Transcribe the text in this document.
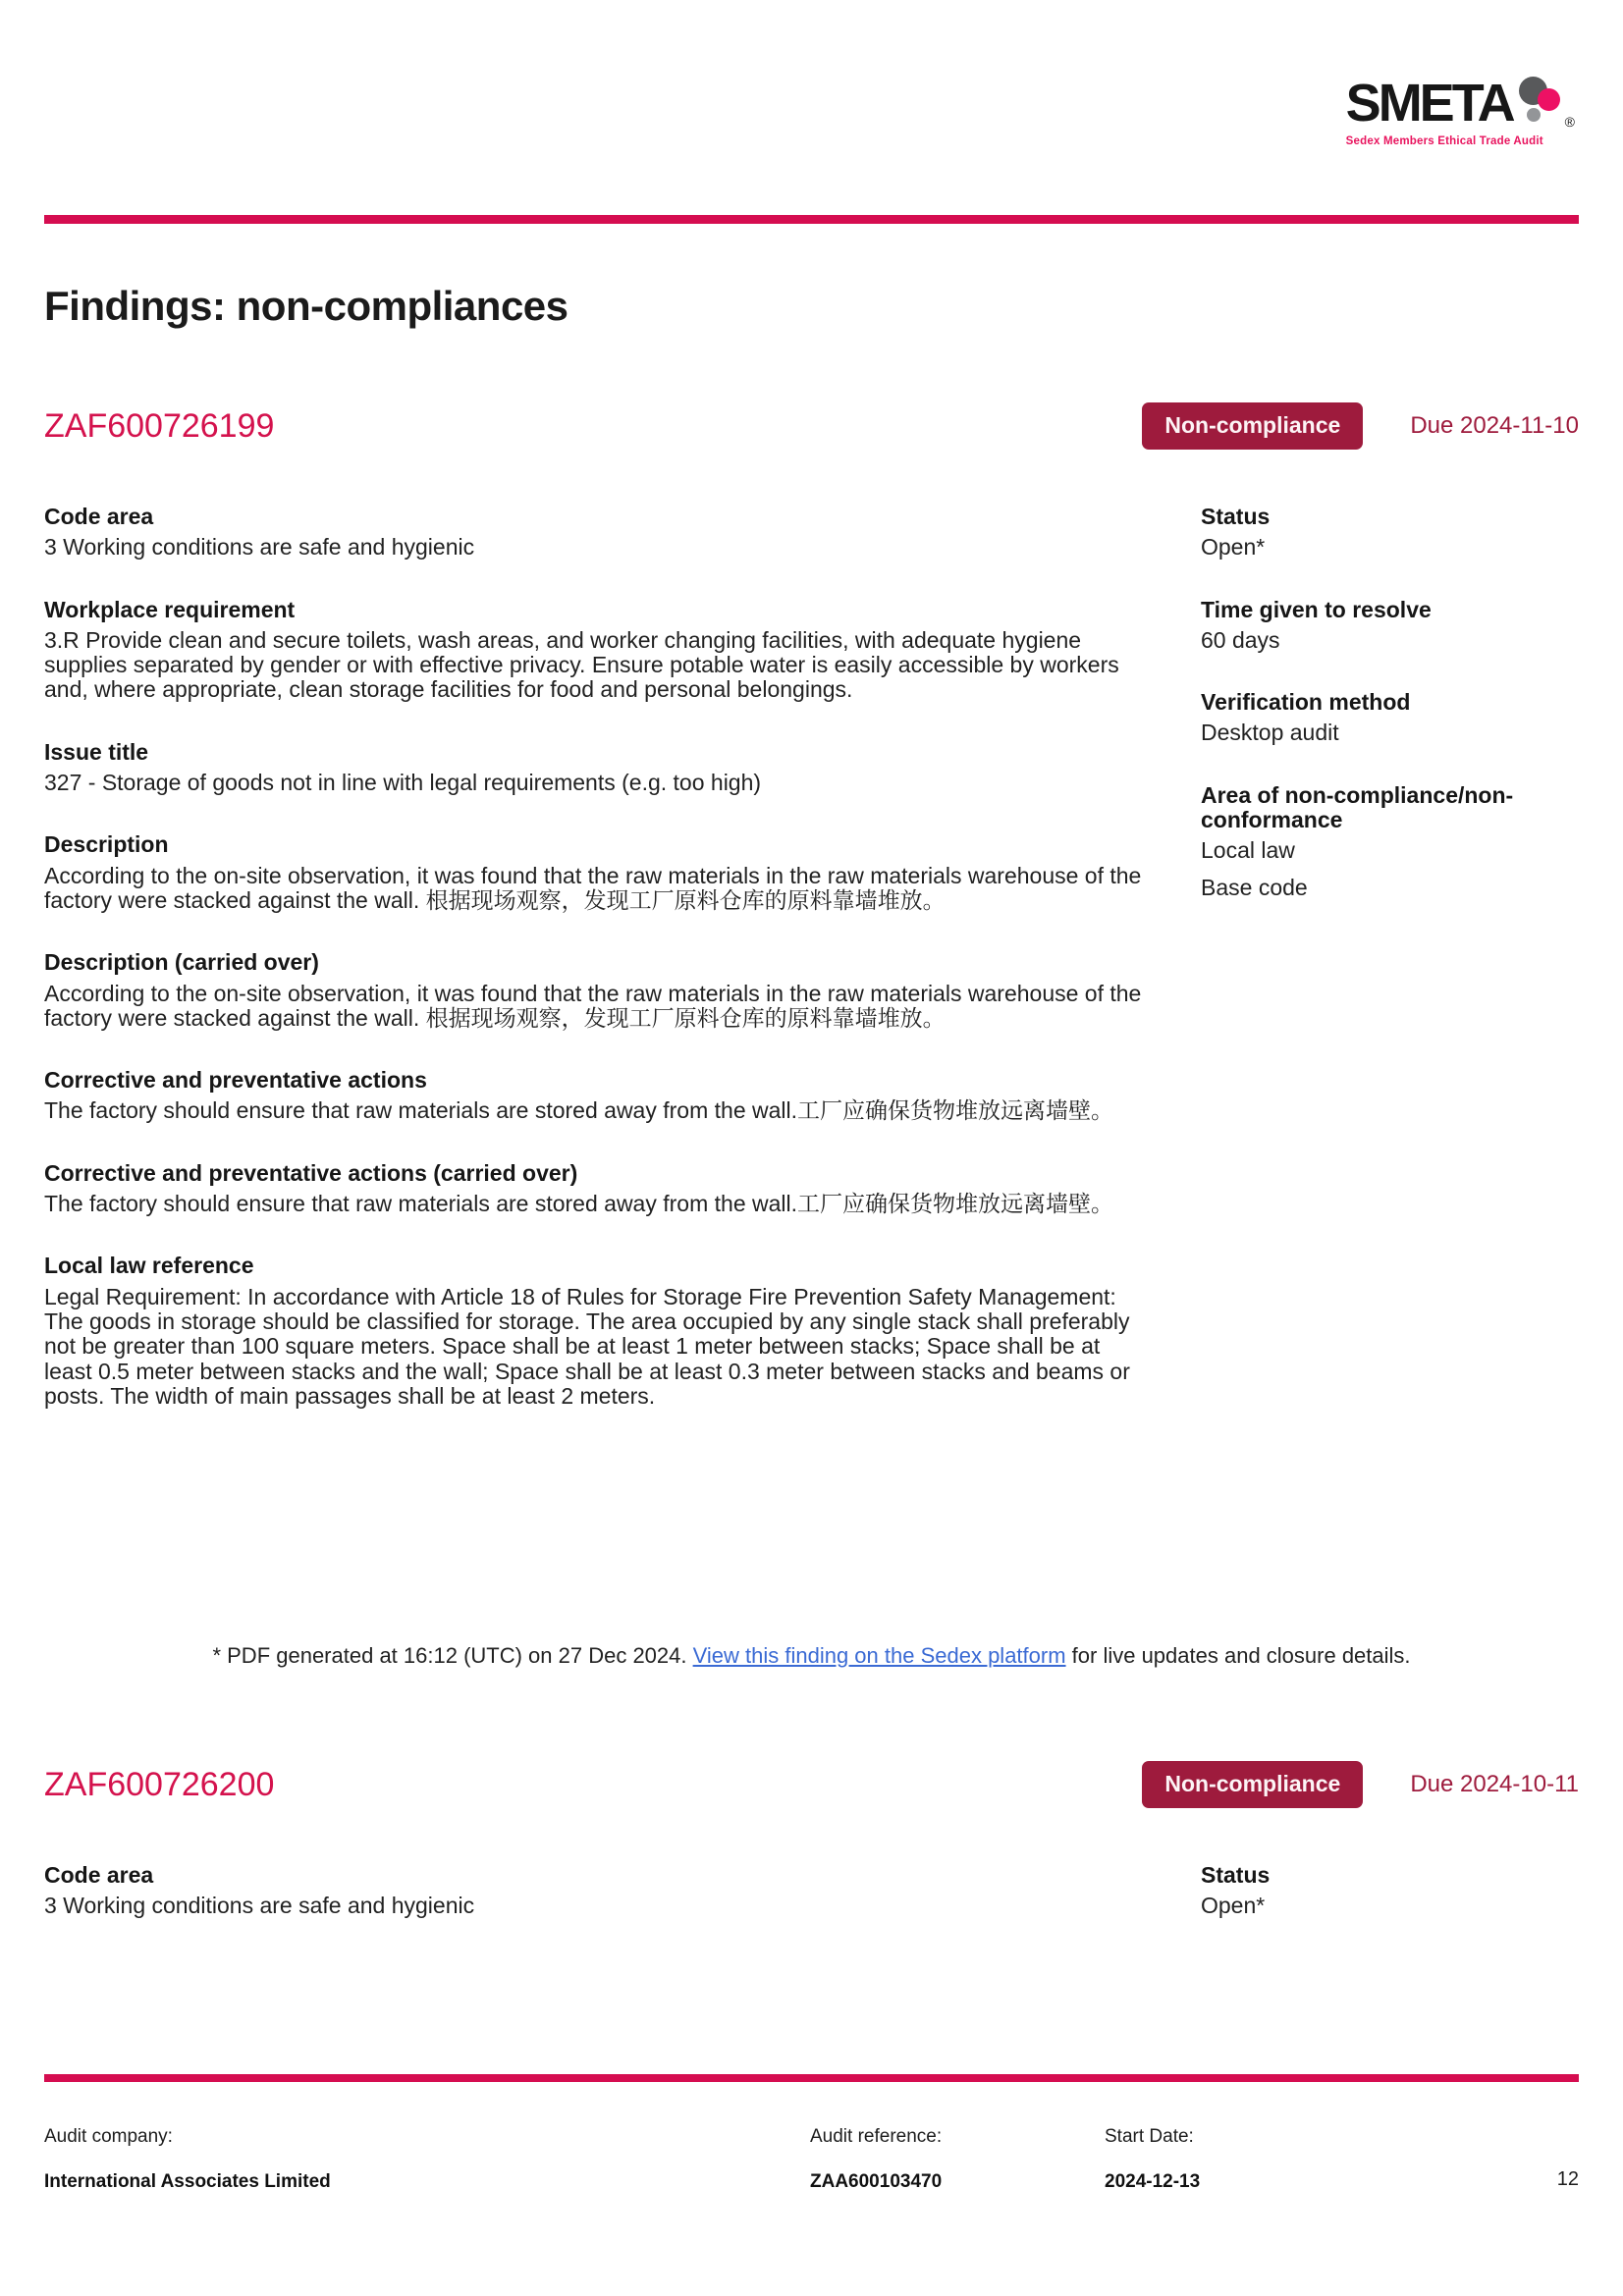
SMETA	®
Sedex Members Ethical Trade Audit
Findings: non-compliances
ZAF600726199	Non-compliance	Due 2024-11-10
Code area
3 Working conditions are safe and hygienic
Workplace requirement
3.R Provide clean and secure toilets, wash areas, and worker changing facilities, with adequate hygiene supplies separated by gender or with effective privacy. Ensure potable water is easily accessible by workers and, where appropriate, clean storage facilities for food and personal belongings.
Issue title
327 - Storage of goods not in line with legal requirements (e.g. too high)
Description
According to the on-site observation, it was found that the raw materials in the raw materials warehouse of the factory were stacked against the wall. 根据现场观察，发现工厂原料仓库的原料靠墙堆放。
Description (carried over)
According to the on-site observation, it was found that the raw materials in the raw materials warehouse of the factory were stacked against the wall. 根据现场观察，发现工厂原料仓库的原料靠墙堆放。
Corrective and preventative actions
The factory should ensure that raw materials are stored away from the wall.工厂应确保货物堆放远离墙壁。
Corrective and preventative actions (carried over)
The factory should ensure that raw materials are stored away from the wall.工厂应确保货物堆放远离墙壁。
Local law reference
Legal Requirement: In accordance with Article 18 of Rules for Storage Fire Prevention Safety Management: The goods in storage should be classified for storage. The area occupied by any single stack shall preferably not be greater than 100 square meters. Space shall be at least 1 meter between stacks; Space shall be at least 0.5 meter between stacks and the wall; Space shall be at least 0.3 meter between stacks and beams or posts. The width of main passages shall be at least 2 meters.
Status
Open*
Time given to resolve
60 days
Verification method
Desktop audit
Area of non-compliance/non-conformance
Local law
Base code
* PDF generated at 16:12 (UTC) on 27 Dec 2024. View this finding on the Sedex platform for live updates and closure details.
ZAF600726200	Non-compliance	Due 2024-10-11
Code area
3 Working conditions are safe and hygienic
Status
Open*
Audit company:
International Associates Limited
Audit reference:
ZAA600103470
Start Date:
2024-12-13	12
